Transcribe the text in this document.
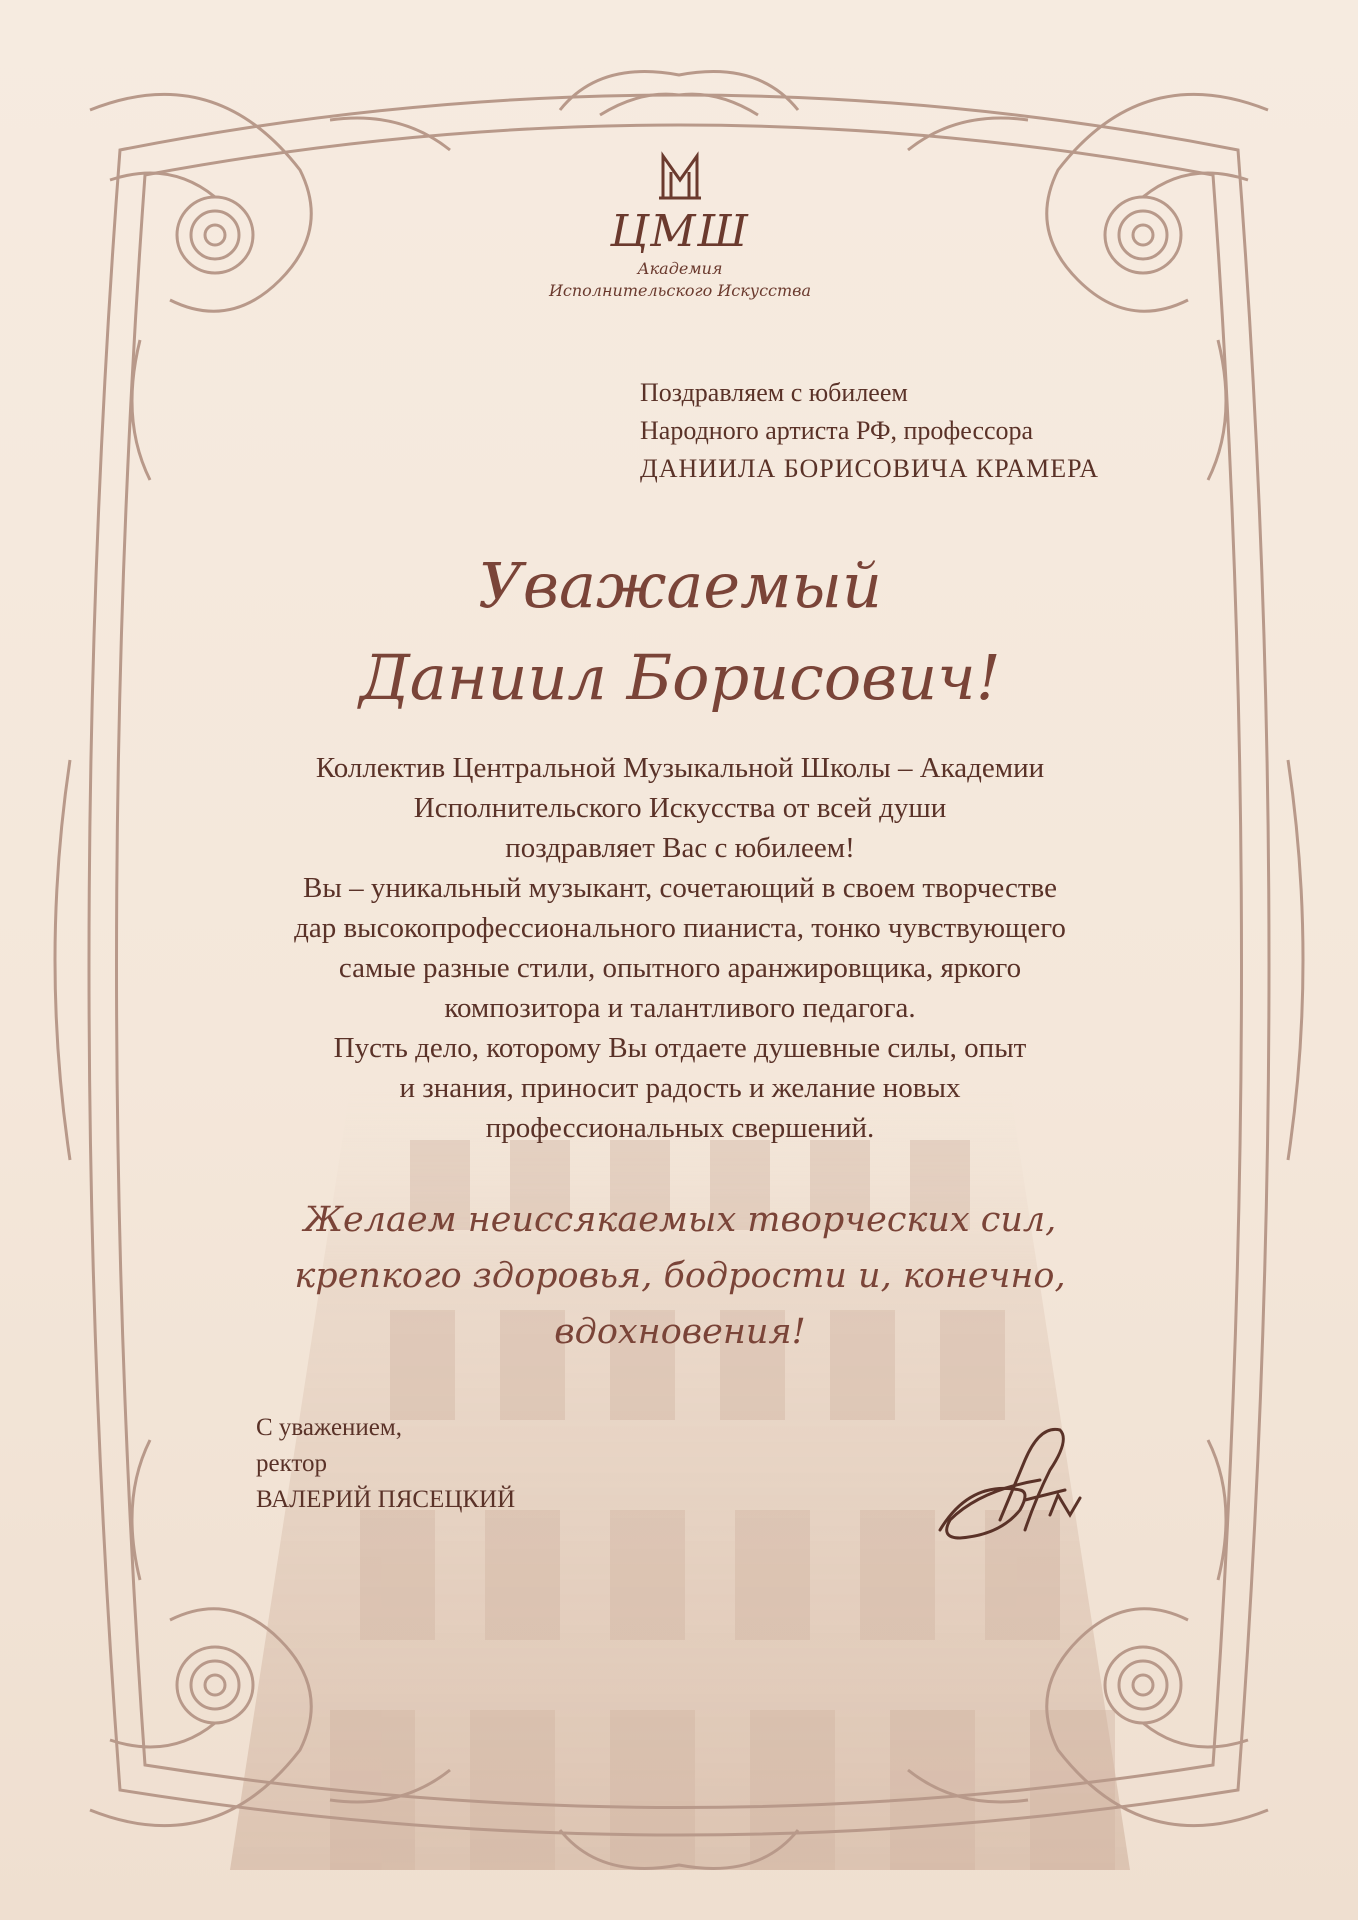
ЦМШ
Академия
Исполнительского Искусства
Поздравляем с юбилеем
Народного артиста РФ, профессора
ДАНИИЛА БОРИСОВИЧА КРАМЕРА
Уважаемый
Даниил Борисович!
Коллектив Центральной Музыкальной Школы – Академии
Исполнительского Искусства от всей души
поздравляет Вас с юбилеем!
Вы – уникальный музыкант, сочетающий в своем творчестве
дар высокопрофессионального пианиста, тонко чувствующего
самые разные стили, опытного аранжировщика, яркого
композитора и талантливого педагога.
Пусть дело, которому Вы отдаете душевные силы, опыт
и знания, приносит радость и желание новых
профессиональных свершений.
Желаем неиссякаемых творческих сил,
крепкого здоровья, бодрости и, конечно,
вдохновения!
С уважением,
ректор
ВАЛЕРИЙ ПЯСЕЦКИЙ
